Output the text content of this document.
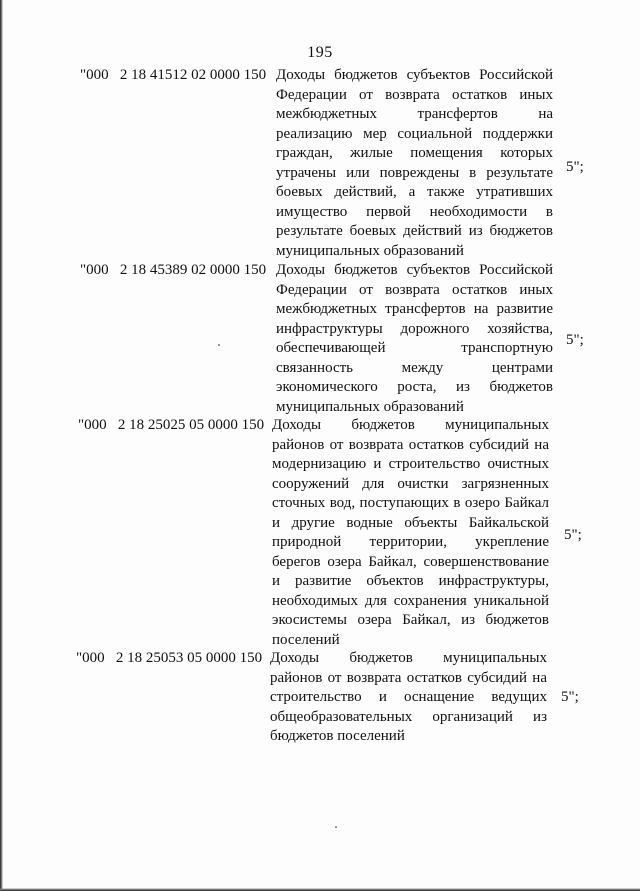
195
"000   2 18 41512 02 0000 150 Доходы бюджетов субъектов Российской Федерации от возврата остатков иных межбюджетных трансфертов на реализацию мер социальной поддержки граждан, жилые помещения которых утрачены или повреждены в результате боевых действий, а также утративших имущество первой необходимости в результате боевых действий из бюджетов муниципальных образований
5";
"000   2 18 45389 02 0000 150 Доходы бюджетов субъектов Российской Федерации от возврата остатков иных межбюджетных трансфертов на развитие инфраструктуры дорожного хозяйства, обеспечивающей транспортную связанность между центрами экономического роста, из бюджетов муниципальных образований
5";
"000   2 18 25025 05 0000 150 Доходы бюджетов муниципальных районов от возврата остатков субсидий на модернизацию и строительство очистных сооружений для очистки загрязненных сточных вод, поступающих в озеро Байкал и другие водные объекты Байкальской природной территории, укрепление берегов озера Байкал, совершенствование и развитие объектов инфраструктуры, необходимых для сохранения уникальной экосистемы озера Байкал, из бюджетов поселений
5";
"000   2 18 25053 05 0000 150 Доходы бюджетов муниципальных районов от возврата остатков субсидий на строительство и оснащение ведущих общеобразовательных организаций из бюджетов поселений
5";
